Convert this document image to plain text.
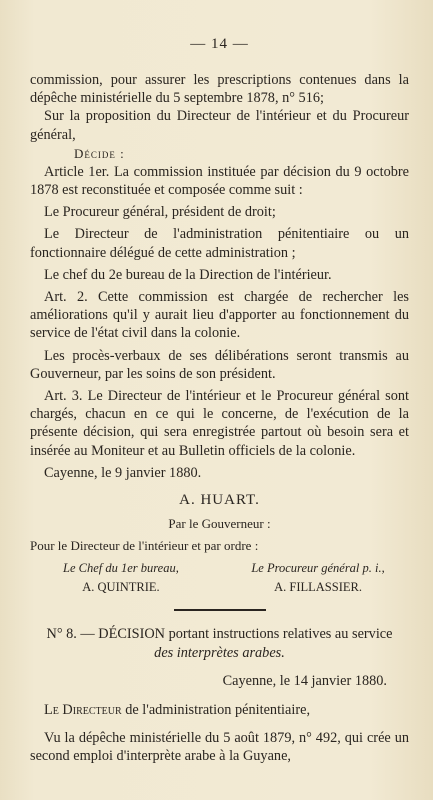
— 14 —

commission, pour assurer les prescriptions contenues dans la dépêche ministérielle du 5 septembre 1878, n° 516;

Sur la proposition du Directeur de l'intérieur et du Procureur général,

Décide :

Article 1er. La commission instituée par décision du 9 octobre 1878 est reconstituée et composée comme suit :

Le Procureur général, président de droit;

Le Directeur de l'administration pénitentiaire ou un fonctionnaire délégué de cette administration ;

Le chef du 2e bureau de la Direction de l'intérieur.

Art. 2. Cette commission est chargée de rechercher les améliorations qu'il y aurait lieu d'apporter au fonctionnement du service de l'état civil dans la colonie.

Les procès-verbaux de ses délibérations seront transmis au Gouverneur, par les soins de son président.

Art. 3. Le Directeur de l'intérieur et le Procureur général sont chargés, chacun en ce qui le concerne, de l'exécution de la présente décision, qui sera enregistrée partout où besoin sera et insérée au Moniteur et au Bulletin officiels de la colonie.

Cayenne, le 9 janvier 1880.

A. HUART.

Par le Gouverneur :

Pour le Directeur de l'intérieur et par ordre :

Le Chef du 1er bureau,
A. QUINTRIE.
Le Procureur général p. i.,
A. FILLASSIER.
N° 8. — DÉCISION portant instructions relatives au service
des interprètes arabes.

Cayenne, le 14 janvier 1880.

Le Directeur de l'administration pénitentiaire,

Vu la dépêche ministérielle du 5 août 1879, n° 492, qui crée un second emploi d'interprète arabe à la Guyane,
